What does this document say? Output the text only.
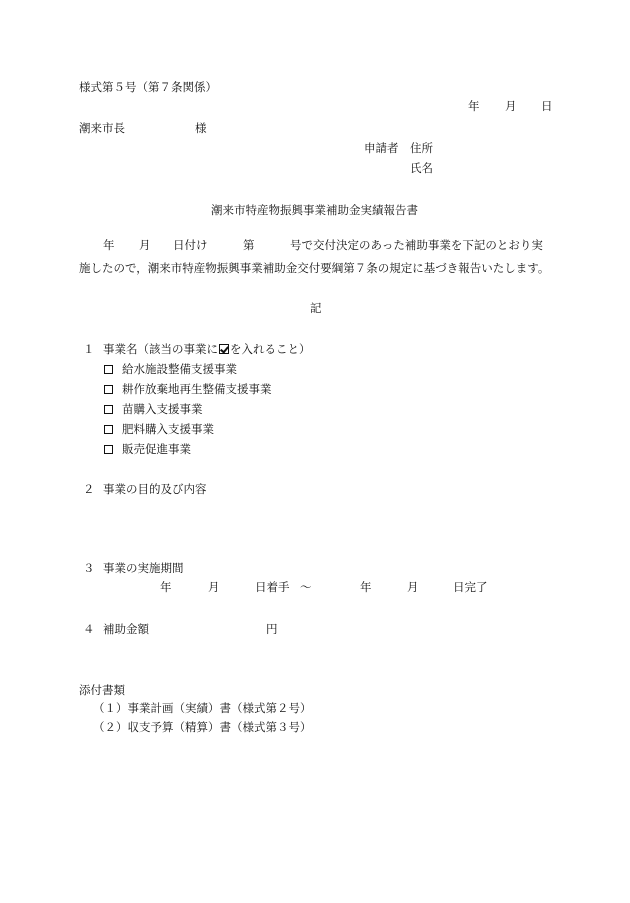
様式第５号（第７条関係）
年 月 日
潮来市長	様
申請者 住所
氏名
潮来市特産物振興事業補助金実績報告書
年 月 日付け	第	号で交付決定のあった補助事業を下記のとおり実
施したので，潮来市特産物振興事業補助金交付要綱第７条の規定に基づき報告いたします。
記
１ 事業名（該当の事業に を入れること）
給水施設整備支援事業
耕作放棄地再生整備支援事業
苗購入支援事業
肥料購入支援事業
販売促進事業
２ 事業の目的及び内容
３ 事業の実施期間
年	月	日着手 ～	年	月	日完了
４ 補助金額	円
添付書類
（１）事業計画（実績）書（様式第２号）
（２）収支予算（精算）書（様式第３号）
